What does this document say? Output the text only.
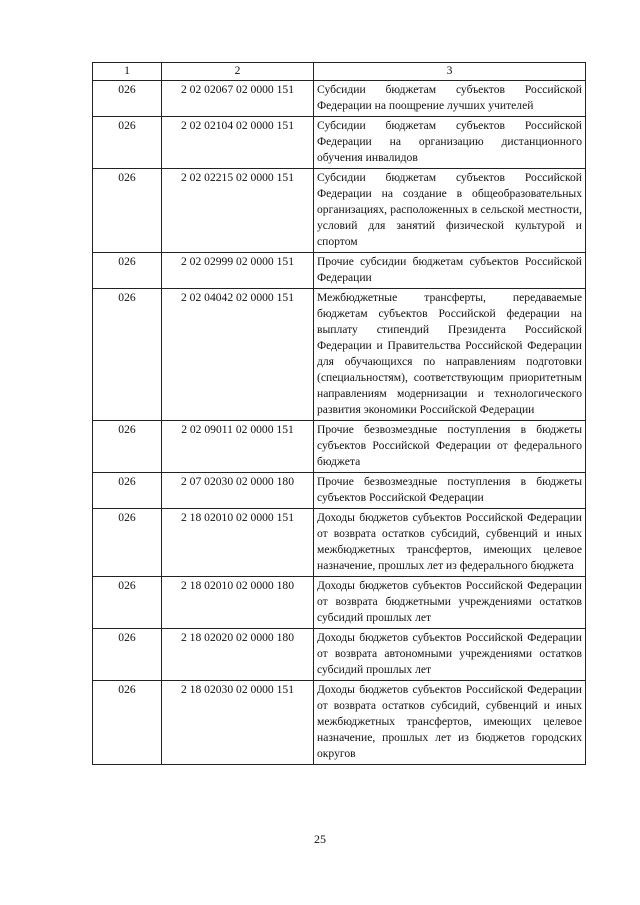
1	2	3
026	2 02 02067 02 0000 151	Субсидии бюджетам субъектов Российской Федерации на поощрение лучших учителей
026	2 02 02104 02 0000 151	Субсидии бюджетам субъектов Российской Федерации на организацию дистанционного обучения инвалидов
026	2 02 02215 02 0000 151	Субсидии бюджетам субъектов Российской Федерации на создание в общеобразовательных организациях, расположенных в сельской местности, условий для занятий физической культурой и спортом
026	2 02 02999 02 0000 151	Прочие субсидии бюджетам субъектов Российской Федерации
026	2 02 04042 02 0000 151	Межбюджетные трансферты, передаваемые бюджетам субъектов Российской федерации на выплату стипендий Президента Российской Федерации и Правительства Российской Федерации для обучающихся по направлениям подготовки (специальностям), соответствующим приоритетным направлениям модернизации и технологического развития экономики Российской Федерации
026	2 02 09011 02 0000 151	Прочие безвозмездные поступления в бюджеты субъектов Российской Федерации от федерального бюджета
026	2 07 02030 02 0000 180	Прочие безвозмездные поступления в бюджеты субъектов Российской Федерации
026	2 18 02010 02 0000 151	Доходы бюджетов субъектов Российской Федерации от возврата остатков субсидий, субвенций и иных межбюджетных трансфертов, имеющих целевое назначение, прошлых лет из федерального бюджета
026	2 18 02010 02 0000 180	Доходы бюджетов субъектов Российской Федерации от возврата бюджетными учреждениями остатков субсидий прошлых лет
026	2 18 02020 02 0000 180	Доходы бюджетов субъектов Российской Федерации от возврата автономными учреждениями остатков субсидий прошлых лет
026	2 18 02030 02 0000 151	Доходы бюджетов субъектов Российской Федерации от возврата остатков субсидий, субвенций и иных межбюджетных трансфертов, имеющих целевое назначение, прошлых лет из бюджетов городских округов
25
